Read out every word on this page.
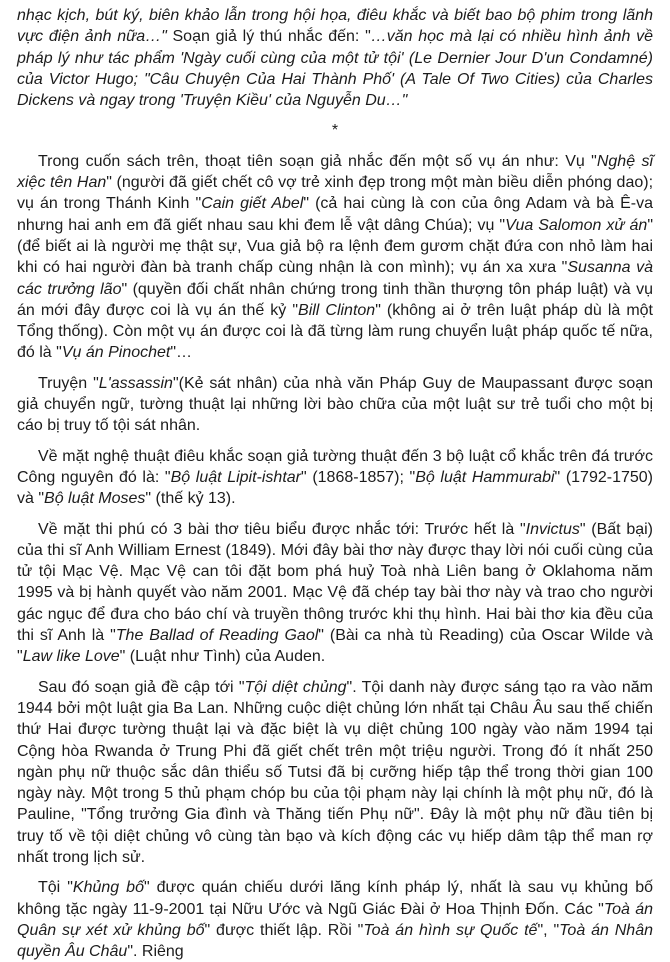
nhạc kịch, bút ký, biên khảo lẫn trong hội họa, điêu khắc và biết bao bộ phim trong lãnh vực điện ảnh nữa…" Soạn giả lý thú nhắc đến: "…văn học mà lại có nhiều hình ảnh về pháp lý như tác phẩm 'Ngày cuối cùng của một tử tội' (Le Dernier Jour D'un Condamné) của Victor Hugo; "Câu Chuyện Của Hai Thành Phố' (A Tale Of Two Cities) của Charles Dickens và ngay trong 'Truyện Kiều' của Nguyễn Du…"

*

Trong cuốn sách trên, thoạt tiên soạn giả nhắc đến một số vụ án như: Vụ "Nghệ sĩ xiệc tên Han" (người đã giết chết cô vợ trẻ xinh đẹp trong một màn biều diễn phóng dao); vụ án trong Thánh Kinh "Cain giết Abel" (cả hai cùng là con của ông Adam và bà Ê-va nhưng hai anh em đã giết nhau sau khi đem lễ vật dâng Chúa); vụ "Vua Salomon xử án" (để biết ai là người mẹ thật sự, Vua giả bộ ra lệnh đem gươm chặt đứa con nhỏ làm hai khi có hai người đàn bà tranh chấp cùng nhận là con mình); vụ án xa xưa "Susanna và các trưởng lão" (quyền đối chất nhân chứng trong tinh thần thượng tôn pháp luật) và vụ án mới đây được coi là vụ án thế kỷ "Bill Clinton" (không ai ở trên luật pháp dù là một Tổng thống). Còn một vụ án được coi là đã từng làm rung chuyển luật pháp quốc tế nữa, đó là "Vụ án Pinochet"…

Truyện "L'assassin"(Kẻ sát nhân) của nhà văn Pháp Guy de Maupassant được soạn giả chuyển ngữ, tường thuật lại những lời bào chữa của một luật sư trẻ tuổi cho một bị cáo bị truy tố tội sát nhân.

Về mặt nghệ thuật điêu khắc soạn giả tường thuật đến 3 bộ luật cổ khắc trên đá trước Công nguyên đó là: "Bộ luật Lipit-ishtar" (1868-1857); "Bộ luật Hammurabi" (1792-1750) và "Bộ luật Moses" (thế kỷ 13).

Về mặt thi phú có 3 bài thơ tiêu biểu được nhắc tới: Trước hết là "Invictus" (Bất bại) của thi sĩ Anh William Ernest (1849). Mới đây bài thơ này được thay lời nói cuối cùng của tử tội Mạc Vệ. Mạc Vệ can tôi đặt bom phá huỷ Toà nhà Liên bang ở Oklahoma năm 1995 và bị hành quyết vào năm 2001. Mạc Vệ đã chép tay bài thơ này và trao cho người gác ngục để đưa cho báo chí và truyền thông trước khi thụ hình. Hai bài thơ kia đều của thi sĩ Anh là "The Ballad of Reading Gaol" (Bài ca nhà tù Reading) của Oscar Wilde và "Law like Love" (Luật như Tình) của Auden.

Sau đó soạn giả đề cập tới "Tội diệt chủng". Tội danh này được sáng tạo ra vào năm 1944 bởi một luật gia Ba Lan. Những cuộc diệt chủng lớn nhất tại Châu Âu sau thế chiến thứ Hai được tường thuật lại và đặc biệt là vụ diệt chủng 100 ngày vào năm 1994 tại Cộng hòa Rwanda ở Trung Phi đã giết chết trên một triệu người. Trong đó ít nhất 250 ngàn phụ nữ thuộc sắc dân thiểu số Tutsi đã bị cưỡng hiếp tập thể trong thời gian 100 ngày này. Một trong 5 thủ phạm chóp bu của tội phạm này lại chính là một phụ nữ, đó là Pauline, "Tổng trưởng Gia đình và Thăng tiến Phụ nữ". Đây là một phụ nữ đầu tiên bị truy tố về tội diệt chủng vô cùng tàn bạo và kích động các vụ hiếp dâm tập thể man rợ nhất trong lịch sử.

Tội "Khủng bố" được quán chiếu dưới lăng kính pháp lý, nhất là sau vụ khủng bố không tặc ngày 11-9-2001 tại Nữu Ước và Ngũ Giác Đài ở Hoa Thịnh Đốn. Các "Toà án Quân sự xét xử khủng bố" được thiết lập. Rồi "Toà án hình sự Quốc tế", "Toà án Nhân quyền Âu Châu". Riêng
